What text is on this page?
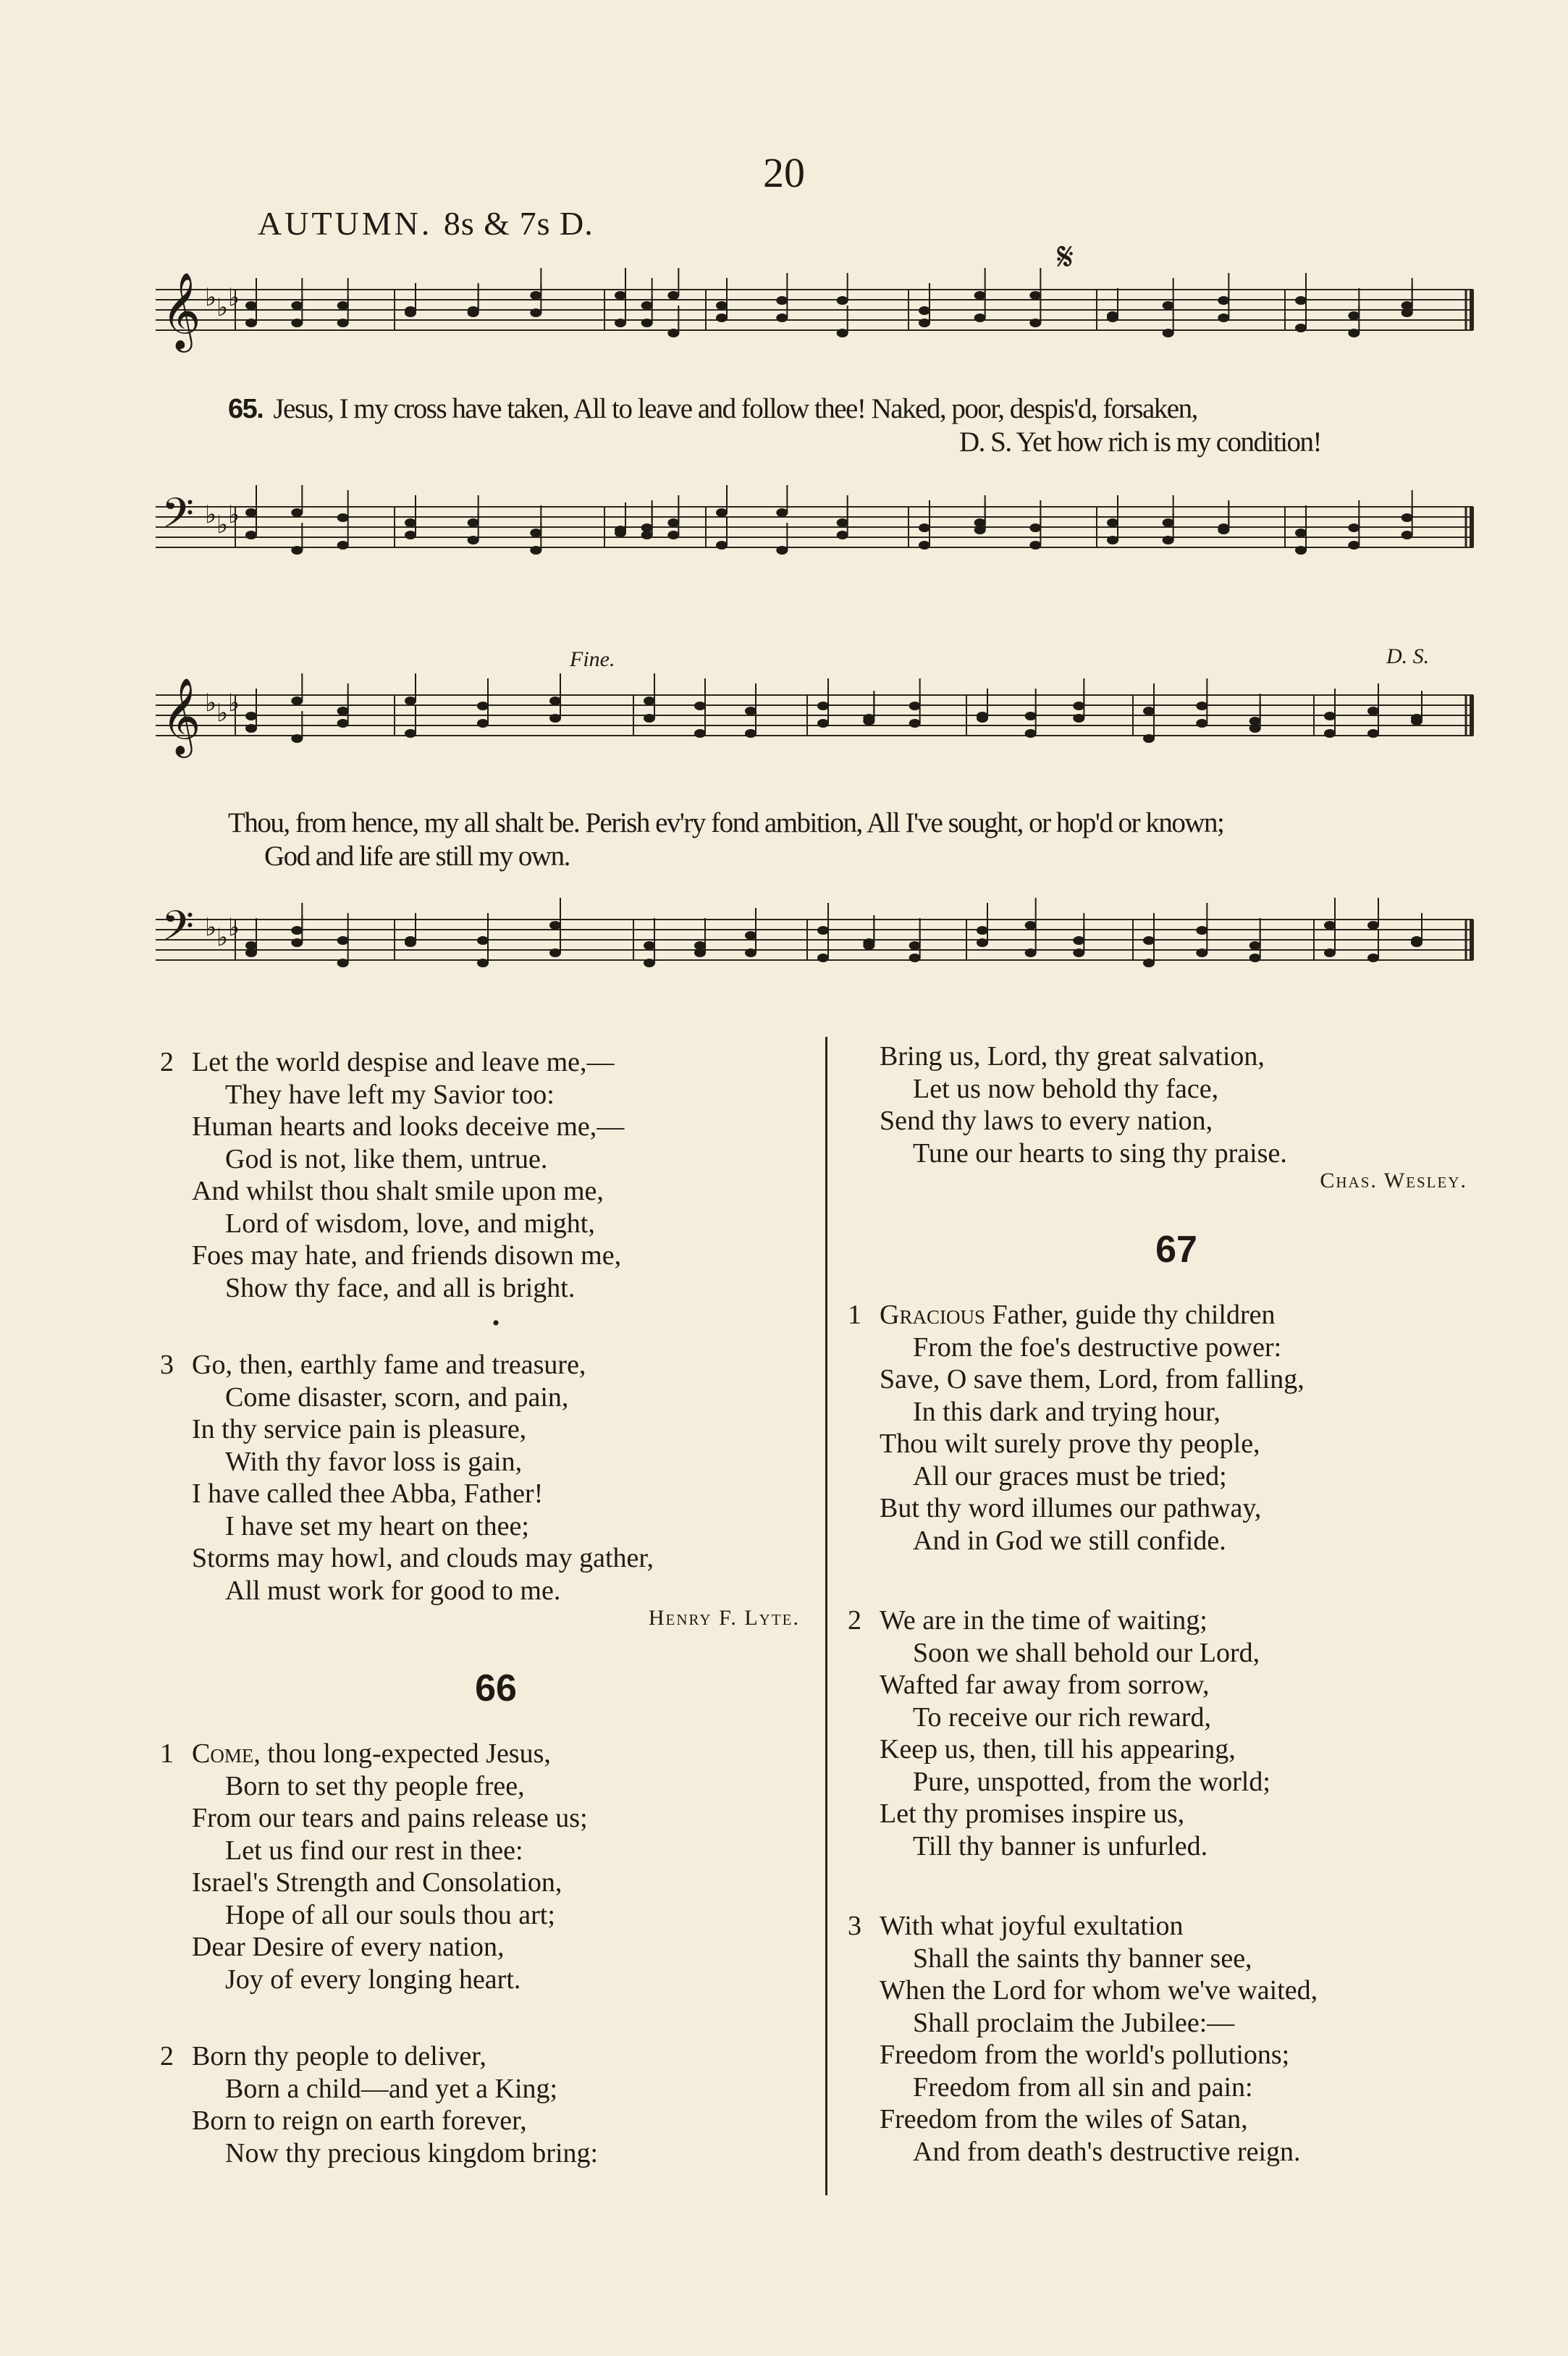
20
AUTUMN. 8s & 7s D.
𝄞 ♭ ♭ ♭
𝄢 ♭ ♭ ♭
65. Jesus, I my cross have taken, All to leave and follow thee! Naked, poor, despis'd, forsaken,
D. S. Yet how rich is my condition!
𝄋
𝄞 ♭ ♭ ♭
𝄢 ♭ ♭ ♭
Fine.	D. S.
Thou, from hence, my all shalt be. Perish ev'ry fond ambition, All I've sought, or hop'd or known;
God and life are still my own.
2 Let the world despise and leave me,—
They have left my Savior too:
Human hearts and looks deceive me,—
God is not, like them, untrue.
And whilst thou shalt smile upon me,
Lord of wisdom, love, and might,
Foes may hate, and friends disown me,
Show thy face, and all is bright.
•
3 Go, then, earthly fame and treasure,
Come disaster, scorn, and pain,
In thy service pain is pleasure,
With thy favor loss is gain,
I have called thee Abba, Father!
I have set my heart on thee;
Storms may howl, and clouds may gather,
All must work for good to me.
Henry F. Lyte.
66
1 Come, thou long-expected Jesus,
Born to set thy people free,
From our tears and pains release us;
Let us find our rest in thee:
Israel's Strength and Consolation,
Hope of all our souls thou art;
Dear Desire of every nation,
Joy of every longing heart.
2 Born thy people to deliver,
Born a child—and yet a King;
Born to reign on earth forever,
Now thy precious kingdom bring:
Bring us, Lord, thy great salvation,
Let us now behold thy face,
Send thy laws to every nation,
Tune our hearts to sing thy praise.
Chas. Wesley.
67
1 Gracious Father, guide thy children
From the foe's destructive power:
Save, O save them, Lord, from falling,
In this dark and trying hour,
Thou wilt surely prove thy people,
All our graces must be tried;
But thy word illumes our pathway,
And in God we still confide.
2 We are in the time of waiting;
Soon we shall behold our Lord,
Wafted far away from sorrow,
To receive our rich reward,
Keep us, then, till his appearing,
Pure, unspotted, from the world;
Let thy promises inspire us,
Till thy banner is unfurled.
3 With what joyful exultation
Shall the saints thy banner see,
When the Lord for whom we've waited,
Shall proclaim the Jubilee:—
Freedom from the world's pollutions;
Freedom from all sin and pain:
Freedom from the wiles of Satan,
And from death's destructive reign.
